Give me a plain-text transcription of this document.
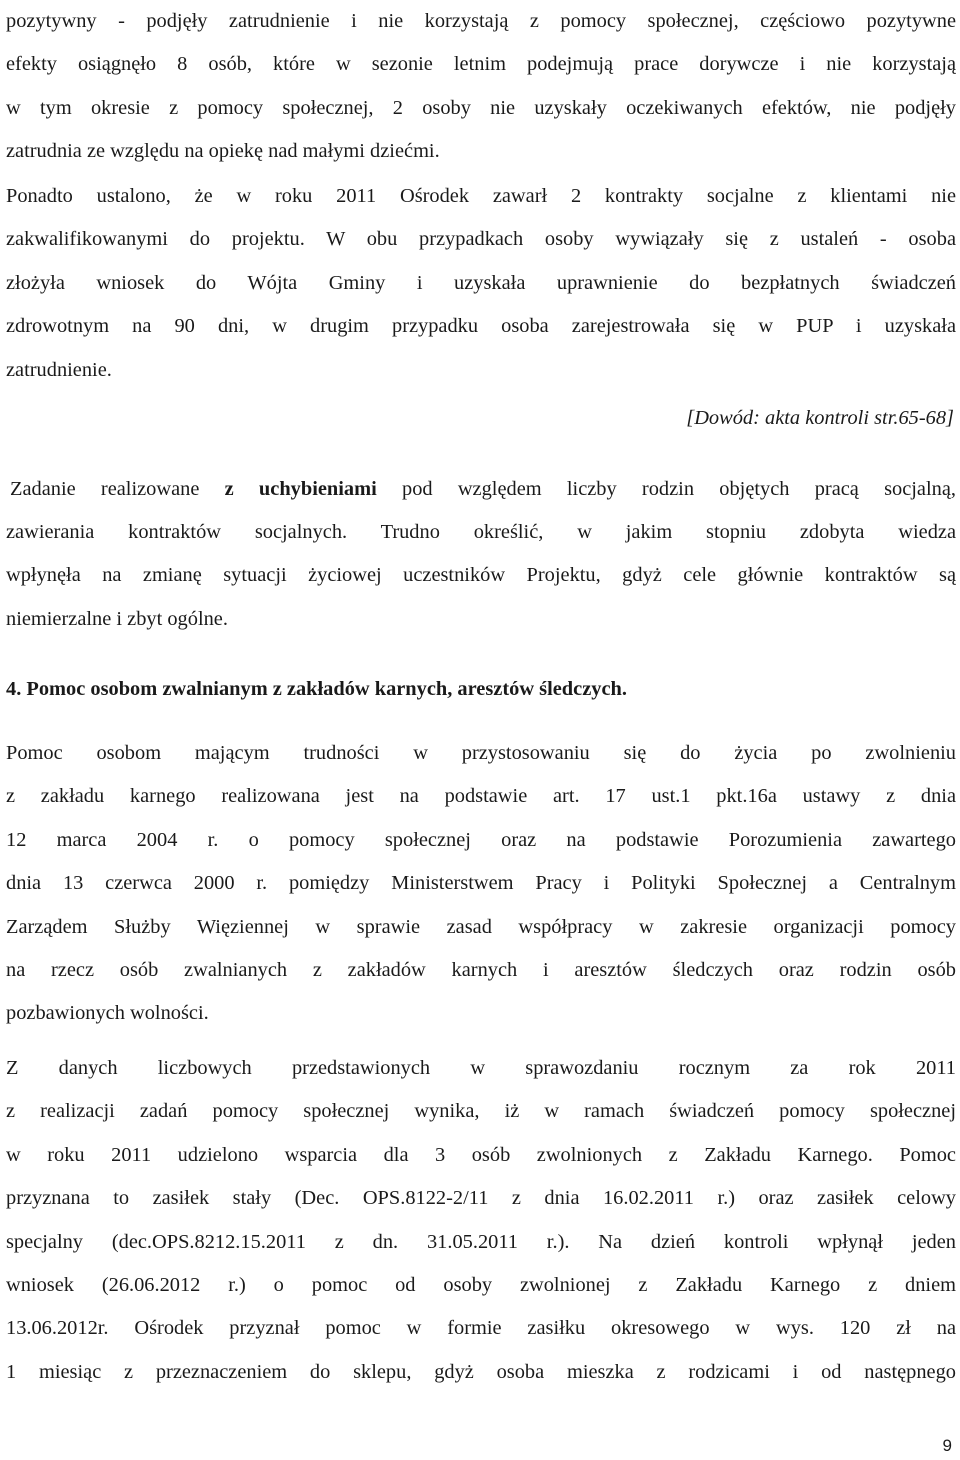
pozytywny - podjęły zatrudnienie i nie korzystają z pomocy społecznej, częściowo pozytywne
efekty osiągnęło 8 osób, które w sezonie letnim podejmują prace dorywcze i nie korzystają
w tym okresie z pomocy społecznej, 2 osoby nie uzyskały oczekiwanych efektów, nie podjęły
zatrudnia ze względu na opiekę nad małymi dziećmi.
Ponadto ustalono, że w roku 2011 Ośrodek zawarł 2 kontrakty socjalne z klientami nie
zakwalifikowanymi do projektu. W obu przypadkach osoby wywiązały się z ustaleń - osoba
złożyła wniosek do Wójta Gminy i uzyskała uprawnienie do bezpłatnych świadczeń
zdrowotnym na 90 dni, w drugim przypadku osoba zarejestrowała się w PUP i uzyskała
zatrudnienie.

[Dowód: akta kontroli str.65-68]

Zadanie realizowane z uchybieniami pod względem liczby rodzin objętych pracą socjalną,
zawierania kontraktów socjalnych. Trudno określić, w jakim stopniu zdobyta wiedza
wpłynęła na zmianę sytuacji życiowej uczestników Projektu, gdyż cele głównie kontraktów są
niemierzalne i zbyt ogólne.

4. Pomoc osobom zwalnianym z zakładów karnych, aresztów śledczych.

Pomoc osobom mającym trudności w przystosowaniu się do życia po zwolnieniu
z zakładu karnego realizowana jest na podstawie art. 17 ust.1 pkt.16a ustawy z dnia
12 marca 2004 r. o pomocy społecznej oraz na podstawie Porozumienia zawartego
dnia 13 czerwca 2000 r. pomiędzy Ministerstwem Pracy i Polityki Społecznej a Centralnym
Zarządem Służby Więziennej w sprawie zasad współpracy w zakresie organizacji pomocy
na rzecz osób zwalnianych z zakładów karnych i aresztów śledczych oraz rodzin osób
pozbawionych wolności.
Z danych liczbowych przedstawionych w sprawozdaniu rocznym za rok 2011
z realizacji zadań pomocy społecznej wynika, iż w ramach świadczeń pomocy społecznej
w roku 2011 udzielono wsparcia dla 3 osób zwolnionych z Zakładu Karnego. Pomoc
przyznana to zasiłek stały (Dec. OPS.8122-2/11 z dnia 16.02.2011 r.) oraz zasiłek celowy
specjalny (dec.OPS.8212.15.2011 z dn. 31.05.2011 r.). Na dzień kontroli wpłynął jeden
wniosek (26.06.2012 r.) o pomoc od osoby zwolnionej z Zakładu Karnego z dniem
13.06.2012r. Ośrodek przyznał pomoc w formie zasiłku okresowego w wys. 120 zł na
1 miesiąc z przeznaczeniem do sklepu, gdyż osoba mieszka z rodzicami i od następnego

9
